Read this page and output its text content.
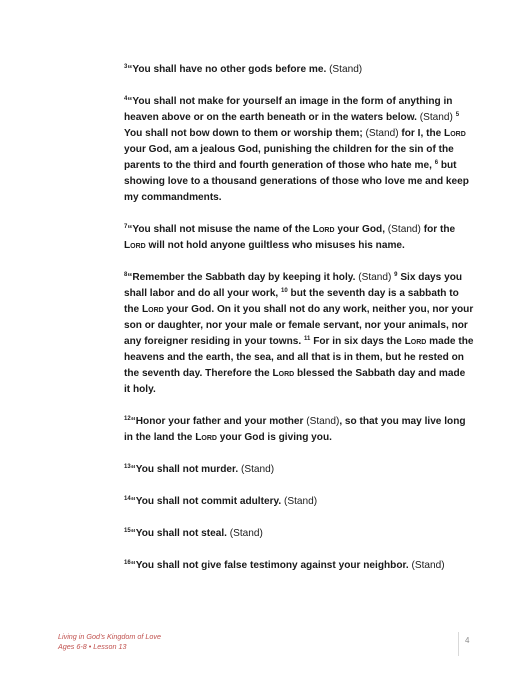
$^3$“You shall have no other gods before me. (Stand)

$^4$“You shall not make for yourself an image in the form of anything in heaven above or on the earth beneath or in the waters below. (Stand) $^5$ You shall not bow down to them or worship them; (Stand) for I, the Lord your God, am a jealous God, punishing the children for the sin of the parents to the third and fourth generation of those who hate me, $^6$ but showing love to a thousand generations of those who love me and keep my commandments.

$^7$“You shall not misuse the name of the Lord your God, (Stand) for the Lord will not hold anyone guiltless who misuses his name.

$^8$“Remember the Sabbath day by keeping it holy. (Stand) $^9$ Six days you shall labor and do all your work, $^{10}$ but the seventh day is a sabbath to the Lord your God. On it you shall not do any work, neither you, nor your son or daughter, nor your male or female servant, nor your animals, nor any foreigner residing in your towns. $^{11}$ For in six days the Lord made the heavens and the earth, the sea, and all that is in them, but he rested on the seventh day. Therefore the Lord blessed the Sabbath day and made it holy.

$^{12}$“Honor your father and your mother (Stand), so that you may live long in the land the Lord your God is giving you.

$^{13}$“You shall not murder. (Stand)

$^{14}$“You shall not commit adultery. (Stand)

$^{15}$“You shall not steal. (Stand)

$^{16}$“You shall not give false testimony against your neighbor. (Stand)

Living in God’s Kingdom of Love
Ages 6-8 • Lesson 13
4
